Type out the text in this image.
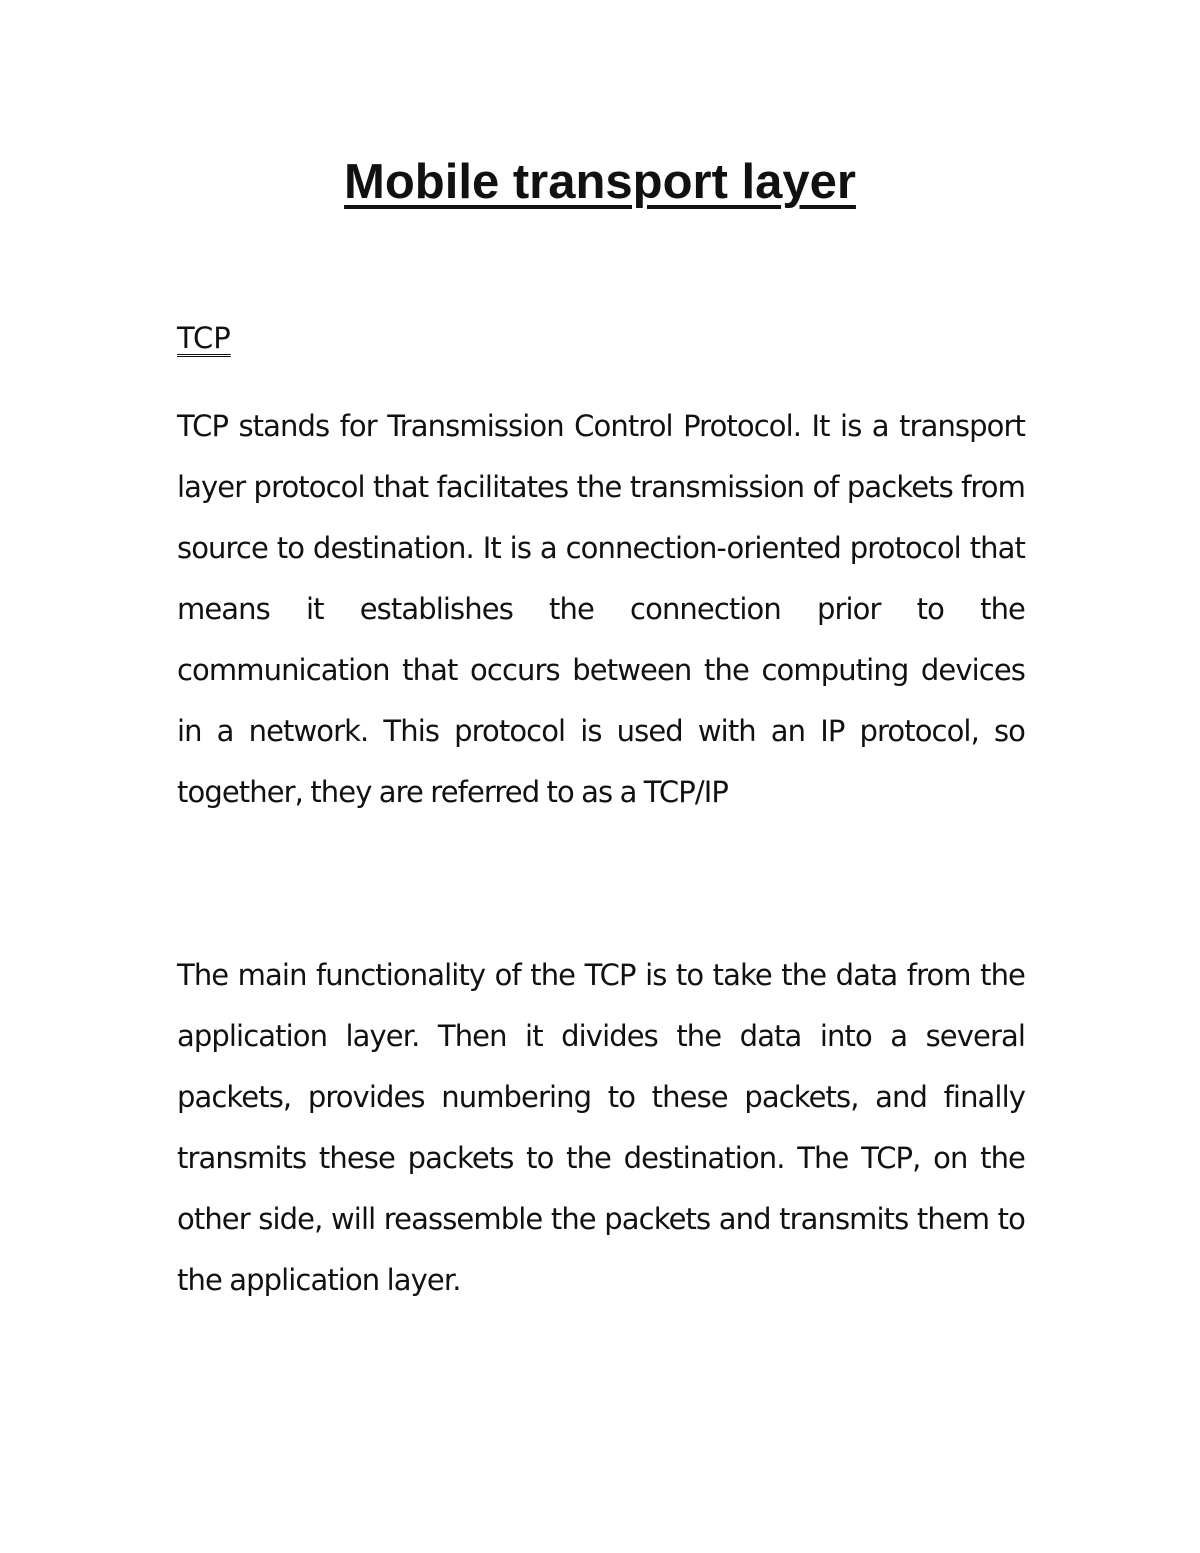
Mobile transport layer
TCP

TCP stands for Transmission Control Protocol. It is a transport layer protocol that facilitates the transmission of packets from source to destination. It is a connection-oriented protocol that means it establishes the connection prior to the communication that occurs between the computing devices in a network. This protocol is used with an IP protocol, so together, they are referred to as a TCP/IP

The main functionality of the TCP is to take the data from the application layer. Then it divides the data into a several packets, provides numbering to these packets, and finally transmits these packets to the destination. The TCP, on the other side, will reassemble the packets and transmits them to the application layer.
